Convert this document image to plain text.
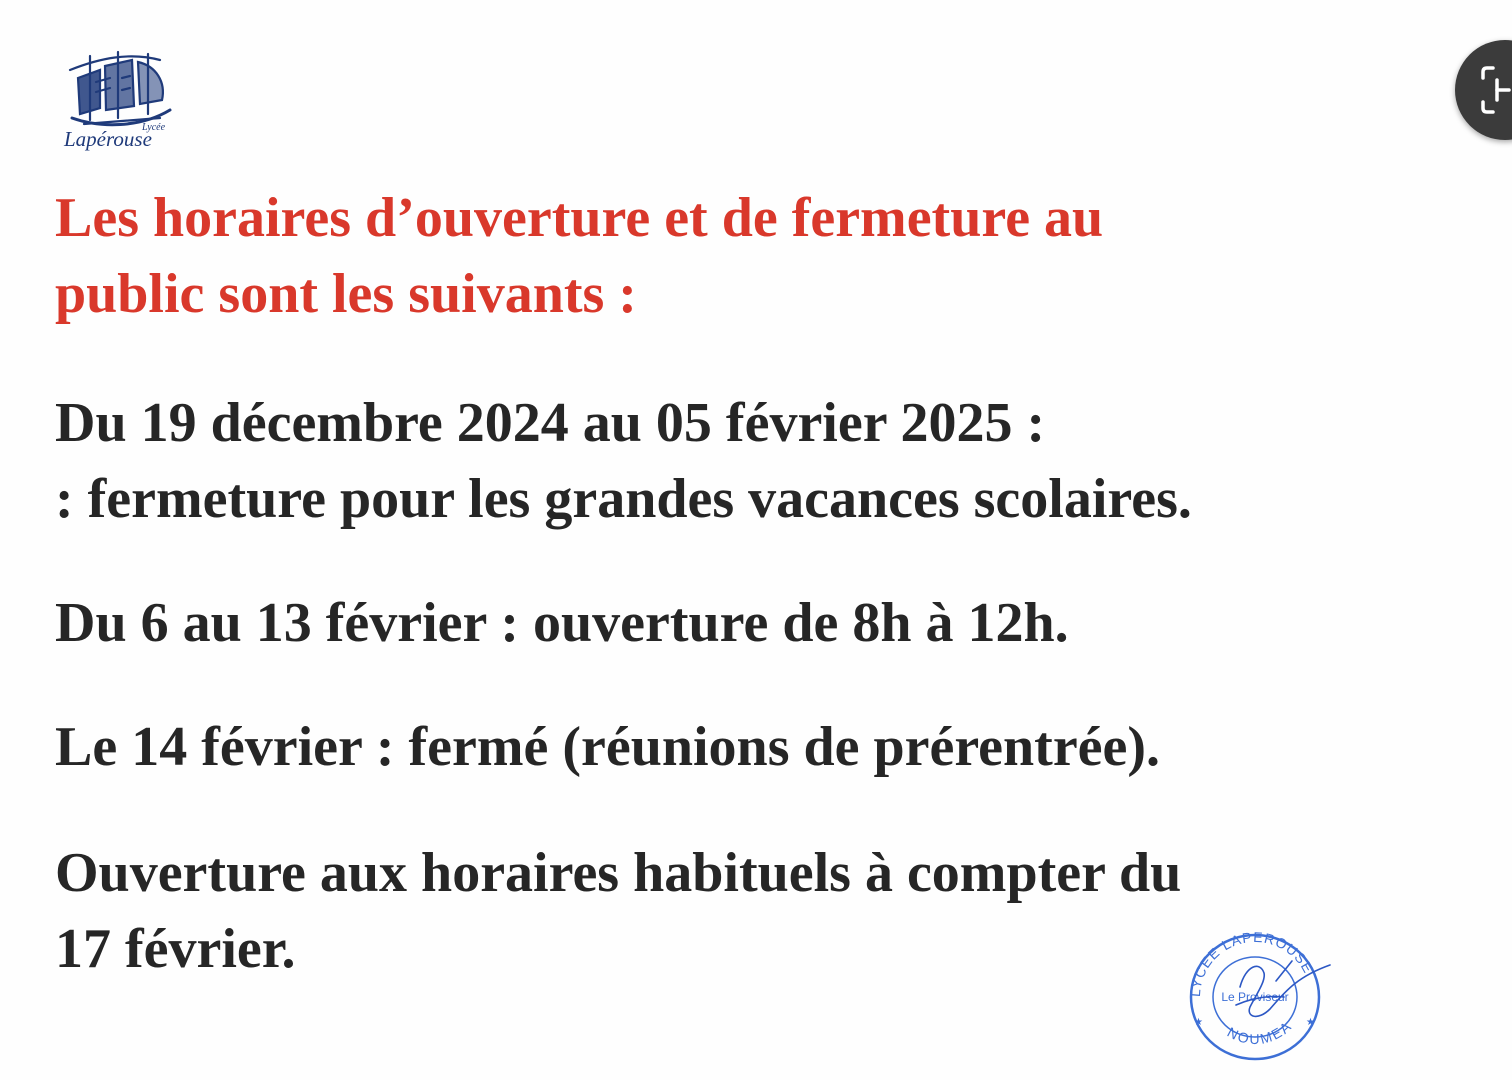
Lapérouse
Lycée
Les horaires d’ouverture et de fermeture au
public sont les suivants :

Du 19 décembre 2024 au 05 février 2025 :
: fermeture pour les grandes vacances scolaires.

Du 6 au 13 février : ouverture de 8h à 12h.

Le 14 février : fermé (réunions de prérentrée).

Ouverture aux horaires habituels à compter du
17 février.

LYCEE LAPEROUSE
NOUMEA
Le Proviseur
★	★
